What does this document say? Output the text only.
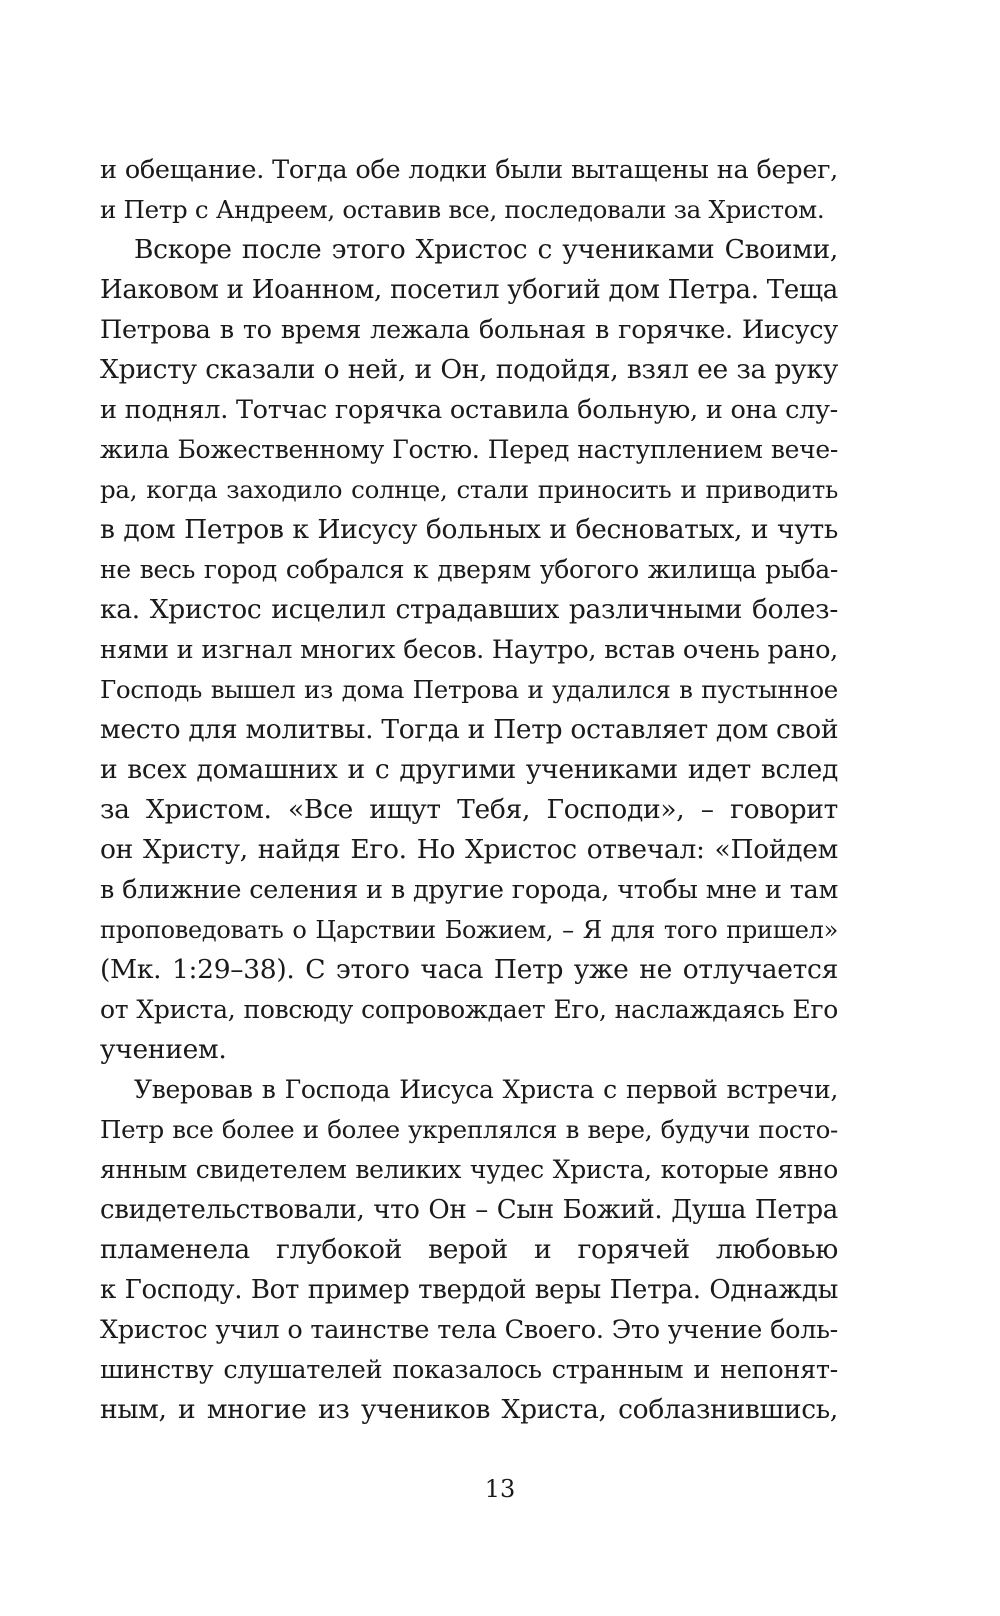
и обещание. Тогда обе лодки были вытащены на берег,
и Петр с Андреем, оставив все, последовали за Христом.
Вскоре после этого Христос с учениками Своими,
Иаковом и Иоанном, посетил убогий дом Петра. Теща
Петрова в то время лежала больная в горячке. Иисусу
Христу сказали о ней, и Он, подойдя, взял ее за руку
и поднял. Тотчас горячка оставила больную, и она слу-
жила Божественному Гостю. Перед наступлением вече-
ра, когда заходило солнце, стали приносить и приводить
в дом Петров к Иисусу больных и бесноватых, и чуть
не весь город собрался к дверям убогого жилища рыба-
ка. Христос исцелил страдавших различными болез-
нями и изгнал многих бесов. Наутро, встав очень рано,
Господь вышел из дома Петрова и удалился в пустынное
место для молитвы. Тогда и Петр оставляет дом свой
и всех домашних и с другими учениками идет вслед
за Христом. «Все ищут Тебя, Господи», – говорит
он Христу, найдя Его. Но Христос отвечал: «Пойдем
в ближние селения и в другие города, чтобы мне и там
проповедовать о Царствии Божием, – Я для того пришел»
(Мк. 1:29–38). С этого часа Петр уже не отлучается
от Христа, повсюду сопровождает Его, наслаждаясь Его
учением.
Уверовав в Господа Иисуса Христа с первой встречи,
Петр все более и более укреплялся в вере, будучи посто-
янным свидетелем великих чудес Христа, которые явно
свидетельствовали, что Он – Сын Божий. Душа Петра
пламенела глубокой верой и горячей любовью
к Господу. Вот пример твердой веры Петра. Однажды
Христос учил о таинстве тела Своего. Это учение боль-
шинству слушателей показалось странным и непонят-
ным, и многие из учеников Христа, соблазнившись,
13
